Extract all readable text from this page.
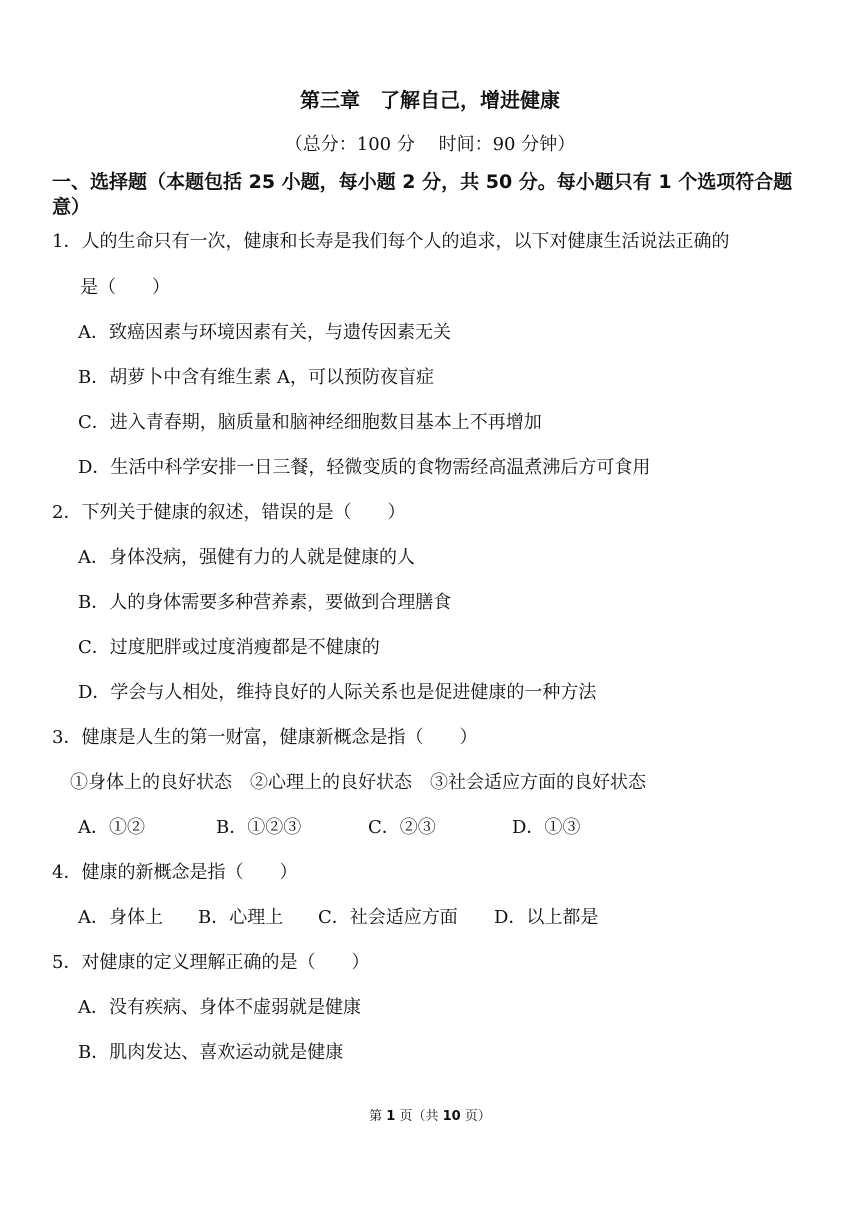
第三章　了解自己，增进健康
（总分：100 分　 时间：90 分钟）
一、选择题（本题包括 25 小题，每小题 2 分，共 50 分。每小题只有 1 个选项符合题意）
1．人的生命只有一次，健康和长寿是我们每个人的追求，以下对健康生活说法正确的
是（　　）
A．致癌因素与环境因素有关，与遗传因素无关
B．胡萝卜中含有维生素 A，可以预防夜盲症
C．进入青春期，脑质量和脑神经细胞数目基本上不再增加
D．生活中科学安排一日三餐，轻微变质的食物需经高温煮沸后方可食用
2．下列关于健康的叙述，错误的是（　　）
A．身体没病，强健有力的人就是健康的人
B．人的身体需要多种营养素，要做到合理膳食
C．过度肥胖或过度消瘦都是不健康的
D．学会与人相处，维持良好的人际关系也是促进健康的一种方法
3．健康是人生的第一财富，健康新概念是指（　　）
①身体上的良好状态　②心理上的良好状态　③社会适应方面的良好状态
A．①②	B．①②③	C．②③	D．①③
4．健康的新概念是指（　　）
A．身体上 B．心理上 C．社会适应方面 D．以上都是
5．对健康的定义理解正确的是（　　）
A．没有疾病、身体不虚弱就是健康
B．肌肉发达、喜欢运动就是健康
第 1 页（共 10 页）
